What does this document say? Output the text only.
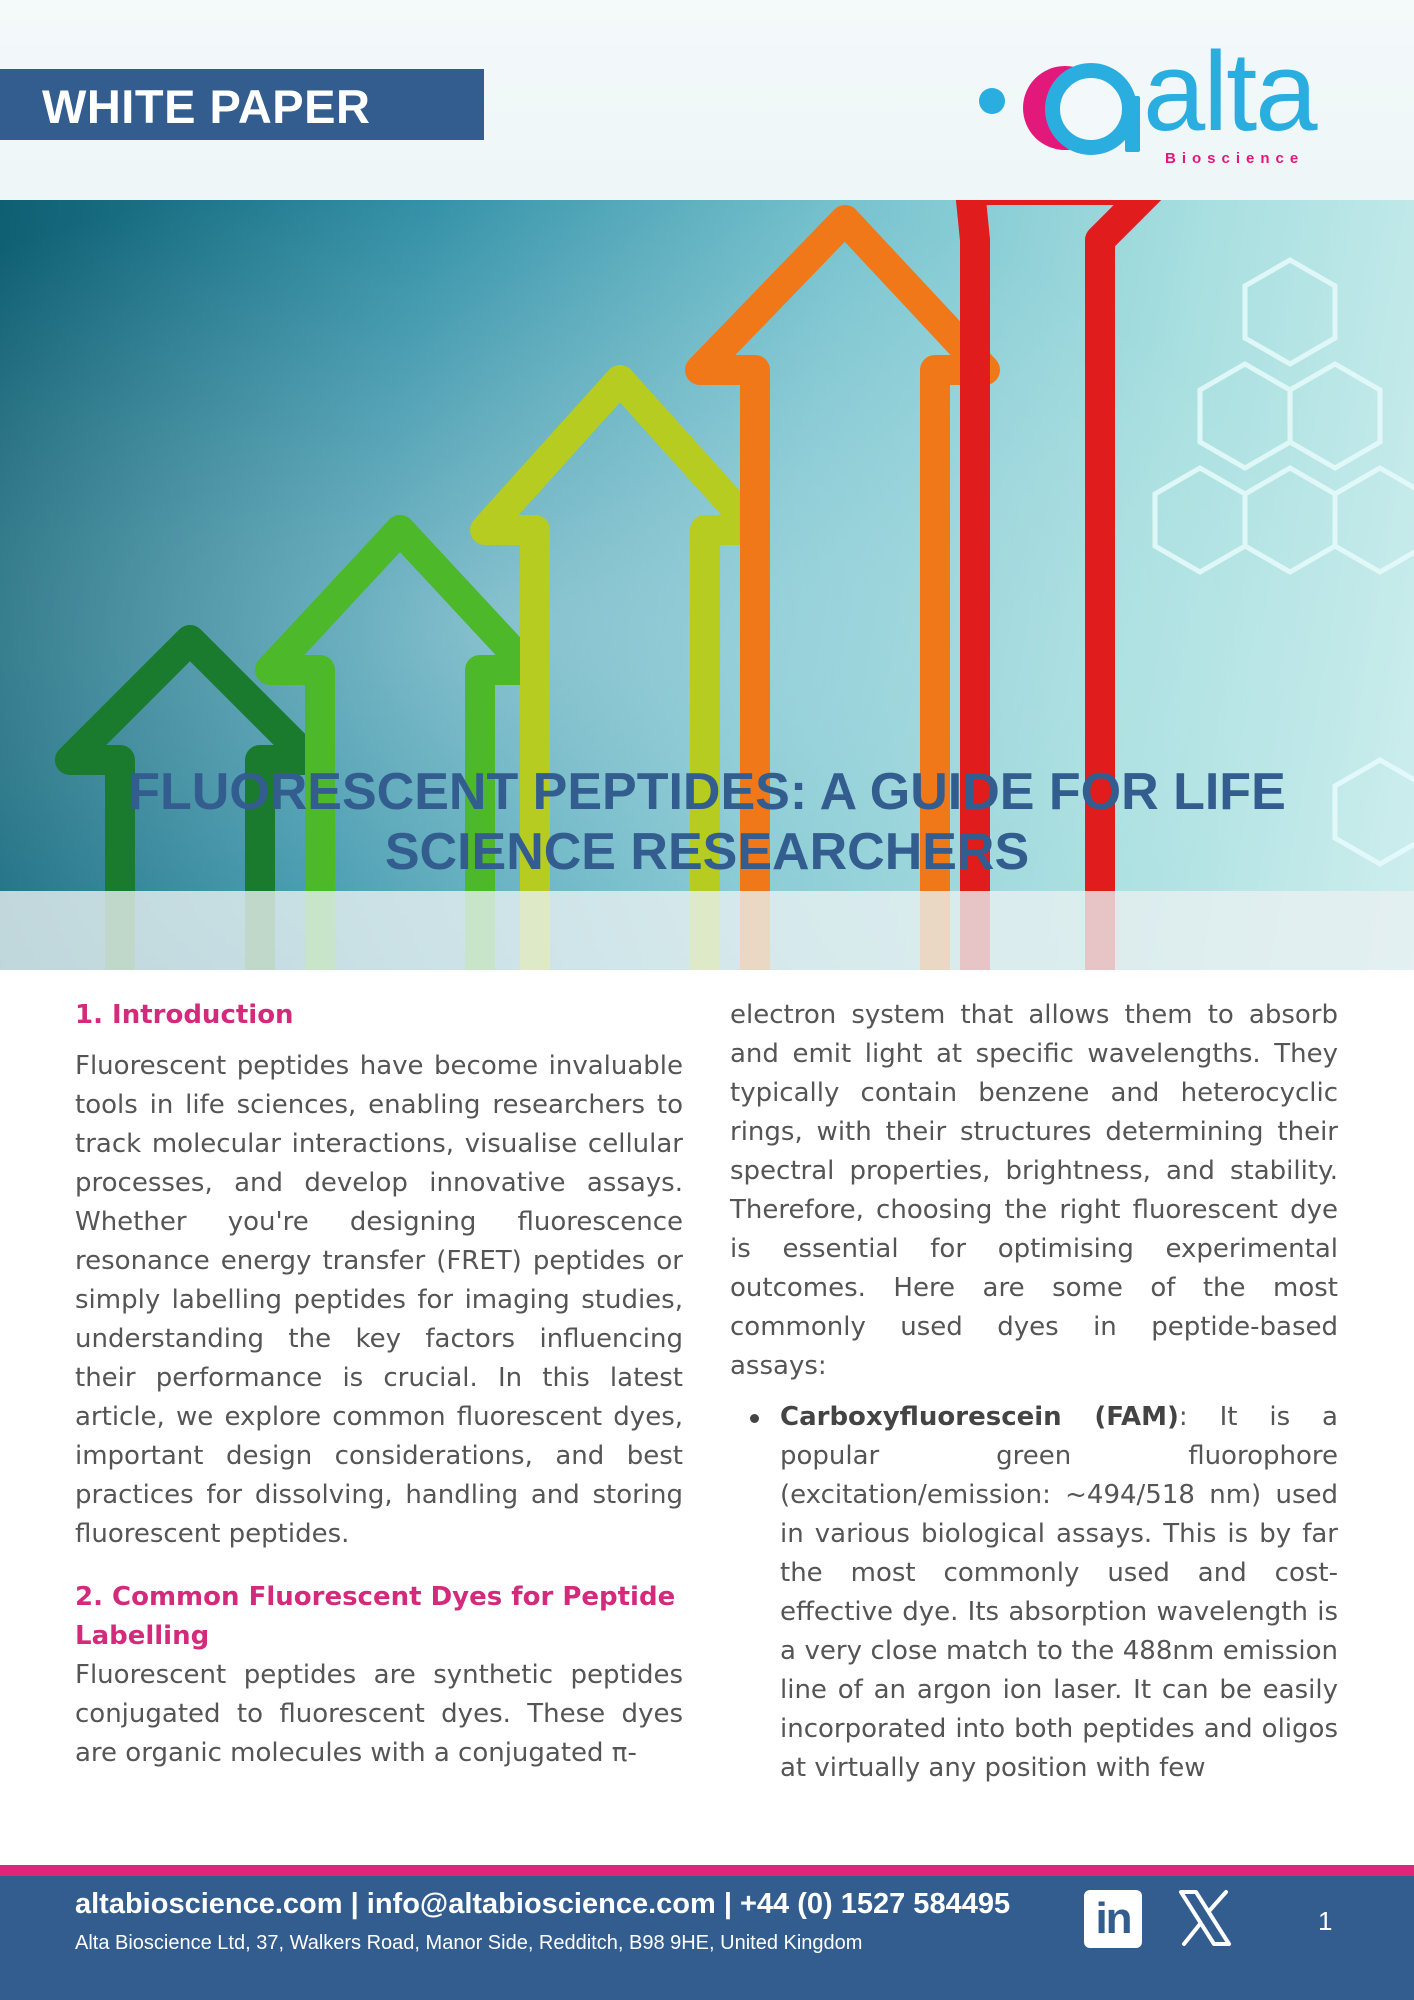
WHITE PAPER	alta
Bioscience
FLUORESCENT PEPTIDES: A GUIDE FOR LIFE SCIENCE RESEARCHERS
1. Introduction

Fluorescent peptides have become invaluable tools in life sciences, enabling researchers to track molecular interactions, visualise cellular processes, and develop innovative assays. Whether you're designing fluorescence resonance energy transfer (FRET) peptides or simply labelling peptides for imaging studies, understanding the key factors influencing their performance is crucial. In this latest article, we explore common fluorescent dyes, important design considerations, and best practices for dissolving, handling and storing fluorescent peptides.

2. Common Fluorescent Dyes for Peptide Labelling

Fluorescent peptides are synthetic peptides conjugated to fluorescent dyes. These dyes are organic molecules with a conjugated π-

electron system that allows them to absorb and emit light at specific wavelengths. They typically contain benzene and heterocyclic rings, with their structures determining their spectral properties, brightness, and stability. Therefore, choosing the right fluorescent dye is essential for optimising experimental outcomes. Here are some of the most commonly used dyes in peptide-based assays:

Carboxyfluorescein (FAM): It is a popular green fluorophore (excitation/emission: ~494/518 nm) used in various biological assays. This is by far the most commonly used and cost-effective dye. Its absorption wavelength is a very close match to the 488nm emission line of an argon ion laser. It can be easily incorporated into both peptides and oligos at virtually any position with few
altabioscience.com | info@altabioscience.com | +44 (0) 1527 584495
Alta Bioscience Ltd, 37, Walkers Road, Manor Side, Redditch, B98 9HE, United Kingdom	in	1
